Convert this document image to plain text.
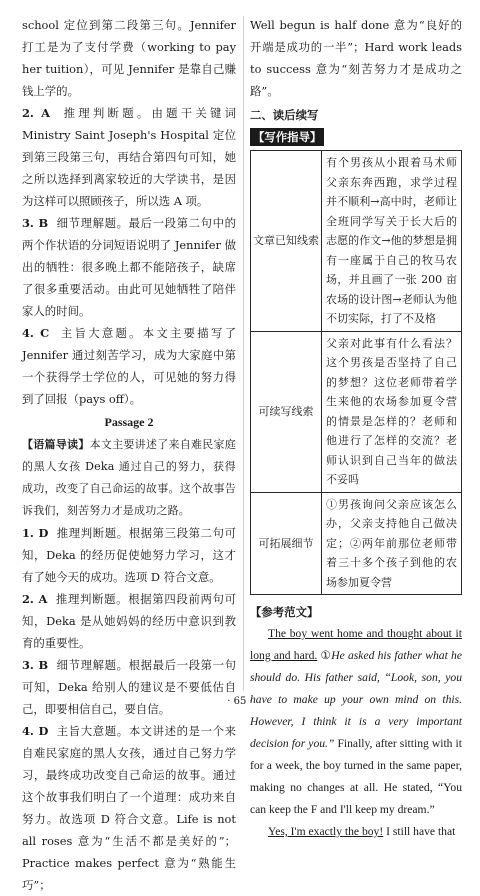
school 定位到第二段第三句。Jennifer 打工是为了支付学费（working to pay her tuition），可见 Jennifer 是靠自己赚钱上学的。

2. A 推理判断题。由题干关键词 Ministry Saint Joseph's Hospital 定位到第三段第三句，再结合第四句可知，她之所以选择到离家较近的大学读书，是因为这样可以照顾孩子，所以选 A 项。

3. B 细节理解题。最后一段第二句中的两个作状语的分词短语说明了 Jennifer 做出的牺牲：很多晚上都不能陪孩子，缺席了很多重要活动。由此可见她牺牲了陪伴家人的时间。

4. C 主旨大意题。本文主要描写了 Jennifer 通过刻苦学习，成为大家庭中第一个获得学士学位的人，可见她的努力得到了回报（pays off）。

Passage 2

【语篇导读】本文主要讲述了来自难民家庭的黑人女孩 Deka 通过自己的努力，获得成功，改变了自己命运的故事。这个故事告诉我们，刻苦努力才是成功之路。

1. D 推理判断题。根据第三段第二句可知，Deka 的经历促使她努力学习，这才有了她今天的成功。选项 D 符合文意。

2. A 推理判断题。根据第四段前两句可知，Deka 是从她妈妈的经历中意识到教育的重要性。

3. B 细节理解题。根据最后一段第一句可知，Deka 给别人的建议是不要低估自己，即要相信自己，要自信。

4. D 主旨大意题。本文讲述的是一个来自难民家庭的黑人女孩，通过自己努力学习，最终成功改变自己命运的故事。通过这个故事我们明白了一个道理：成功来自努力。故选项 D 符合文意。Life is not all roses 意为“生活不都是美好的”；Practice makes perfect 意为“熟能生巧”；

Well begun is half done 意为“良好的开端是成功的一半”；Hard work leads to success 意为“刻苦努力才是成功之路”。

二、读后续写
【写作指导】
文章已知线索	有个男孩从小跟着马术师父亲东奔西跑，求学过程并不顺利→高中时，老师让全班同学写关于长大后的志愿的作文→他的梦想是拥有一座属于自己的牧马农场，并且画了一张 200 亩农场的设计图→老师认为他不切实际，打了不及格
可续写线索	父亲对此事有什么看法？这个男孩是否坚持了自己的梦想？这位老师带着学生来他的农场参加夏令营的情景是怎样的？老师和他进行了怎样的交流？老师认识到自己当年的做法不妥吗
可拓展细节	①男孩询问父亲应该怎么办，父亲支持他自己做决定；②两年前那位老师带着三十多个孩子到他的农场参加夏令营
【参考范文】

The boy went home and thought about it long and hard. ①He asked his father what he should do. His father said, “Look, son, you have to make up your own mind on this. However, I think it is a very important decision for you.” Finally, after sitting with it for a week, the boy turned in the same paper, making no changes at all. He stated, “You can keep the F and I'll keep my dream.”

Yes, I'm exactly the boy! I still have that

· 65 ·
